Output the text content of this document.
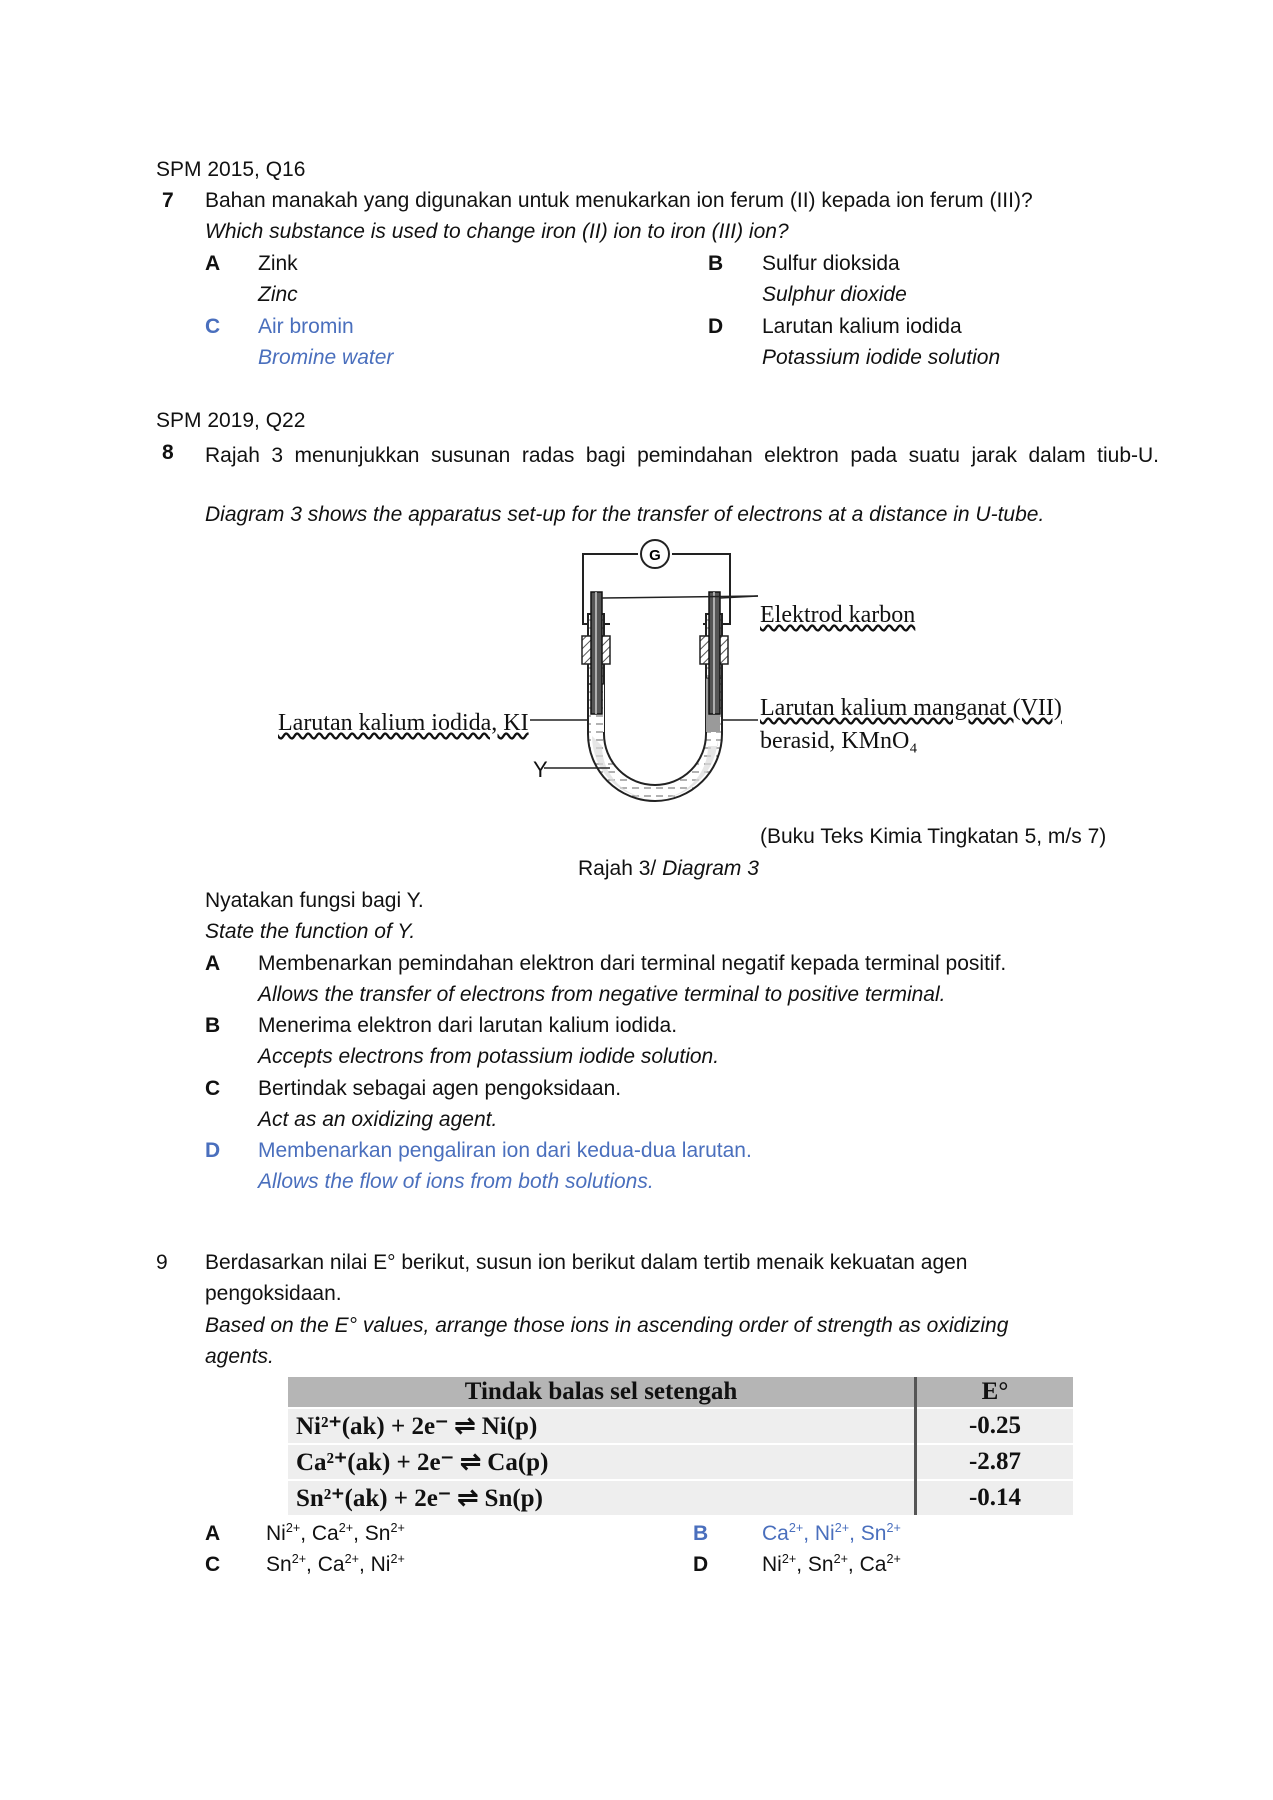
SPM 2015, Q16
7 Bahan manakah yang digunakan untuk menukarkan ion ferum (II) kepada ion ferum (III)?
Which substance is used to change iron (II) ion to iron (III) ion?
A Zink
Zinc
B Sulfur dioksida
Sulphur dioxide
C Air bromin
Bromine water
D Larutan kalium iodida
Potassium iodide solution
SPM 2019, Q22
8 Rajah 3 menunjukkan susunan radas bagi pemindahan elektron pada suatu jarak dalam tiub-U.
Diagram 3 shows the apparatus set-up for the transfer of electrons at a distance in U-tube.
G
Elektrod karbon
Larutan kalium iodida, KI
Larutan kalium manganat (VII)
berasid, KMnO₄
Y
(Buku Teks Kimia Tingkatan 5, m/s 7)
Rajah 3/ Diagram 3
Nyatakan fungsi bagi Y.
State the function of Y.
A Membenarkan pemindahan elektron dari terminal negatif kepada terminal positif.
Allows the transfer of electrons from negative terminal to positive terminal.
B Menerima elektron dari larutan kalium iodida.
Accepts electrons from potassium iodide solution.
C Bertindak sebagai agen pengoksidaan.
Act as an oxidizing agent.
D Membenarkan pengaliran ion dari kedua-dua larutan.
Allows the flow of ions from both solutions.
9 Berdasarkan nilai E° berikut, susun ion berikut dalam tertib menaik kekuatan agen
pengoksidaan.
Based on the E° values, arrange those ions in ascending order of strength as oxidizing
agents.
Tindak balas sel setengah	E°
Ni²⁺(ak) + 2e⁻ ⇌ Ni(p)	-0.25
Ca²⁺(ak) + 2e⁻ ⇌ Ca(p)	-2.87
Sn²⁺(ak) + 2e⁻ ⇌ Sn(p)	-0.14
A $Ni^{2+}$, $Ca^{2+}$, $Sn^{2+}$	B	$Ca^{2+}$, $Ni^{2+}$, $Sn^{2+}$
C $Sn^{2+}$, $Ca^{2+}$, $Ni^{2+}$	D	$Ni^{2+}$, $Sn^{2+}$, $Ca^{2+}$
